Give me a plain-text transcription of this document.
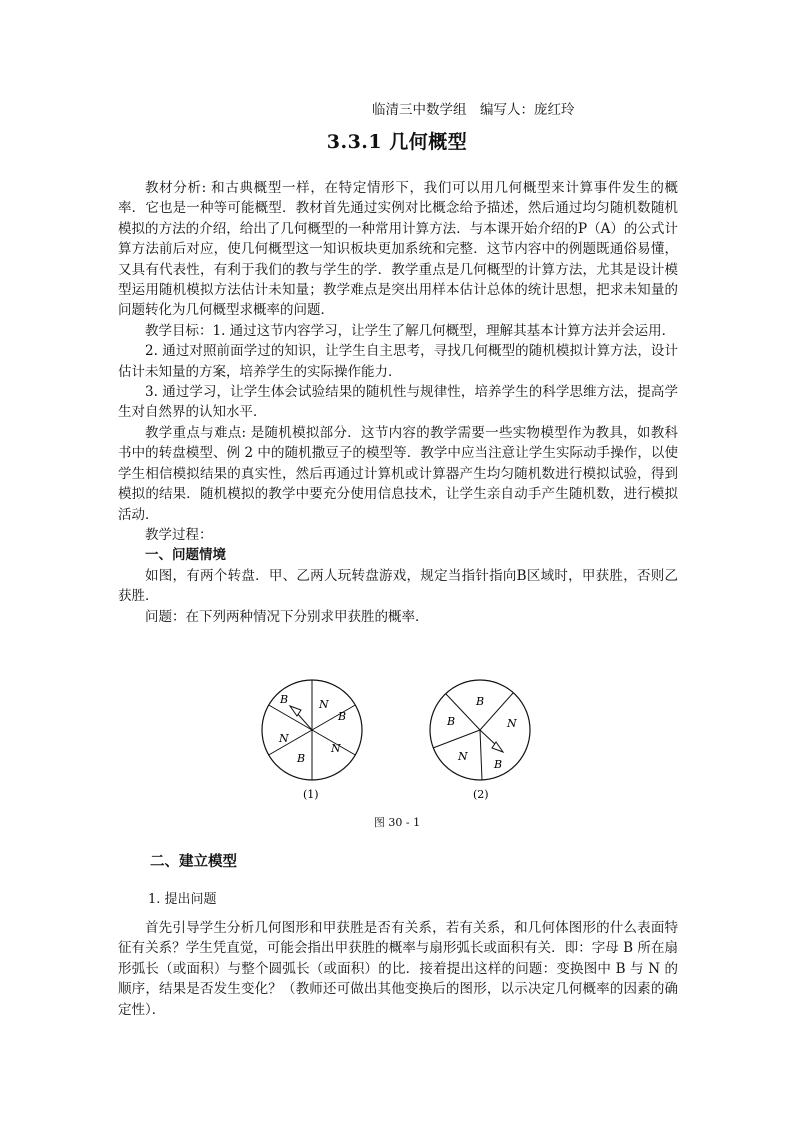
临清三中数学组　编写人：庞红玲
3.3.1 几何概型

教材分析: 和古典概型一样，在特定情形下，我们可以用几何概型来计算事件发生的概率．它也是一种等可能概型．教材首先通过实例对比概念给予描述，然后通过均匀随机数随机模拟的方法的介绍，给出了几何概型的一种常用计算方法．与本课开始介绍的P（A）的公式计算方法前后对应，使几何概型这一知识板块更加系统和完整．这节内容中的例题既通俗易懂，又具有代表性，有利于我们的教与学生的学．教学重点是几何概型的计算方法，尤其是设计模型运用随机模拟方法估计未知量；教学难点是突出用样本估计总体的统计思想，把求未知量的问题转化为几何概型求概率的问题．

教学目标：1. 通过这节内容学习，让学生了解几何概型，理解其基本计算方法并会运用．

2. 通过对照前面学过的知识，让学生自主思考，寻找几何概型的随机模拟计算方法，设计估计未知量的方案，培养学生的实际操作能力．

3. 通过学习，让学生体会试验结果的随机性与规律性，培养学生的科学思维方法，提高学生对自然界的认知水平．

教学重点与难点: 是随机模拟部分．这节内容的教学需要一些实物模型作为教具，如教科书中的转盘模型、例 2 中的随机撒豆子的模型等．教学中应当注意让学生实际动手操作，以使学生相信模拟结果的真实性，然后再通过计算机或计算器产生均匀随机数进行模拟试验，得到模拟的结果．随机模拟的教学中要充分使用信息技术，让学生亲自动手产生随机数，进行模拟活动．

教学过程：

一、问题情境

如图，有两个转盘．甲、乙两人玩转盘游戏，规定当指针指向B区域时，甲获胜，否则乙获胜．

问题：在下列两种情况下分别求甲获胜的概率．

B	N
B
N
B
N
(1)
B
N
B
N
B
(2)
图 30 - 1
二、建立模型
1. 提出问题
首先引导学生分析几何图形和甲获胜是否有关系，若有关系，和几何体图形的什么表面特征有关系？学生凭直觉，可能会指出甲获胜的概率与扇形弧长或面积有关．即：字母 B 所在扇形弧长（或面积）与整个圆弧长（或面积）的比．接着提出这样的问题：变换图中 B 与 N 的顺序，结果是否发生变化？（教师还可做出其他变换后的图形，以示决定几何概率的因素的确定性）．
